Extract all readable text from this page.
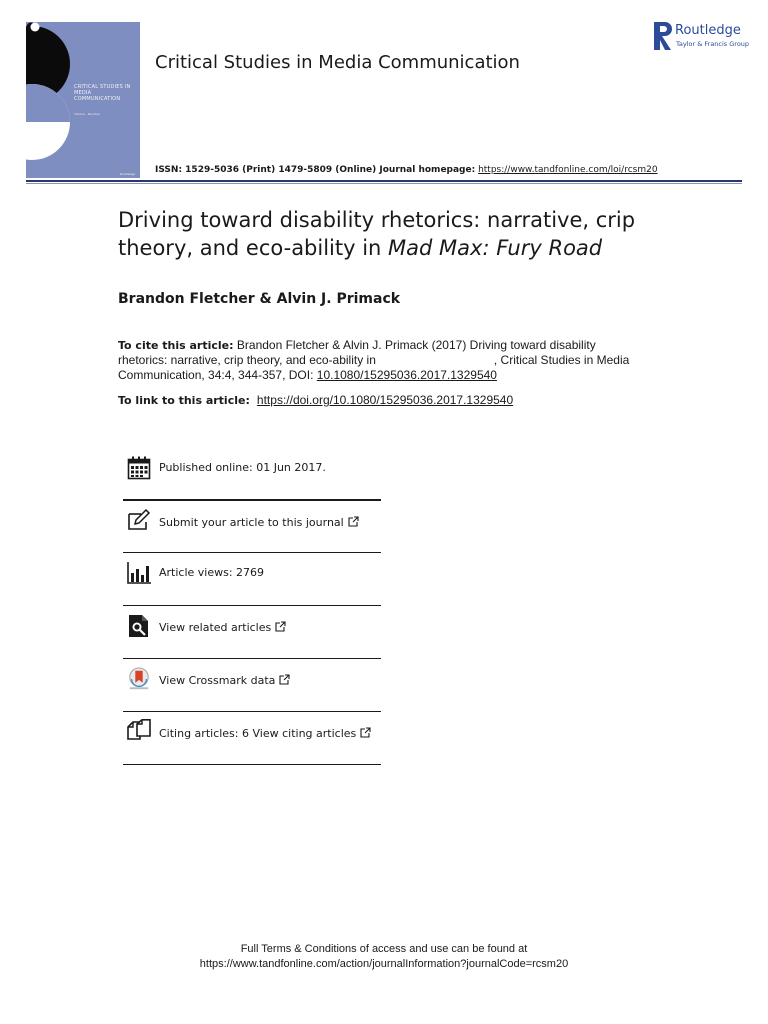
CRITICAL STUDIES IN MEDIA COMMUNICATION
Volume · Number
Routledge
Critical Studies in Media Communication
Routledge
Taylor & Francis Group
ISSN: 1529-5036 (Print) 1479-5809 (Online) Journal homepage: https://www.tandfonline.com/loi/rcsm20
Driving toward disability rhetorics: narrative, crip theory, and eco-ability in Mad Max: Fury Road
Brandon Fletcher & Alvin J. Primack
To cite this article: Brandon Fletcher & Alvin J. Primack (2017) Driving toward disability rhetorics: narrative, crip theory, and eco-ability in	, Critical Studies in Media Communication, 34:4, 344-357, DOI: 10.1080/15295036.2017.1329540
To link to this article: https://doi.org/10.1080/15295036.2017.1329540
Published online: 01 Jun 2017.
Submit your article to this journal
Article views: 2769
View related articles
View Crossmark data
Citing articles: 6 View citing articles
Full Terms & Conditions of access and use can be found at
https://www.tandfonline.com/action/journalInformation?journalCode=rcsm20
